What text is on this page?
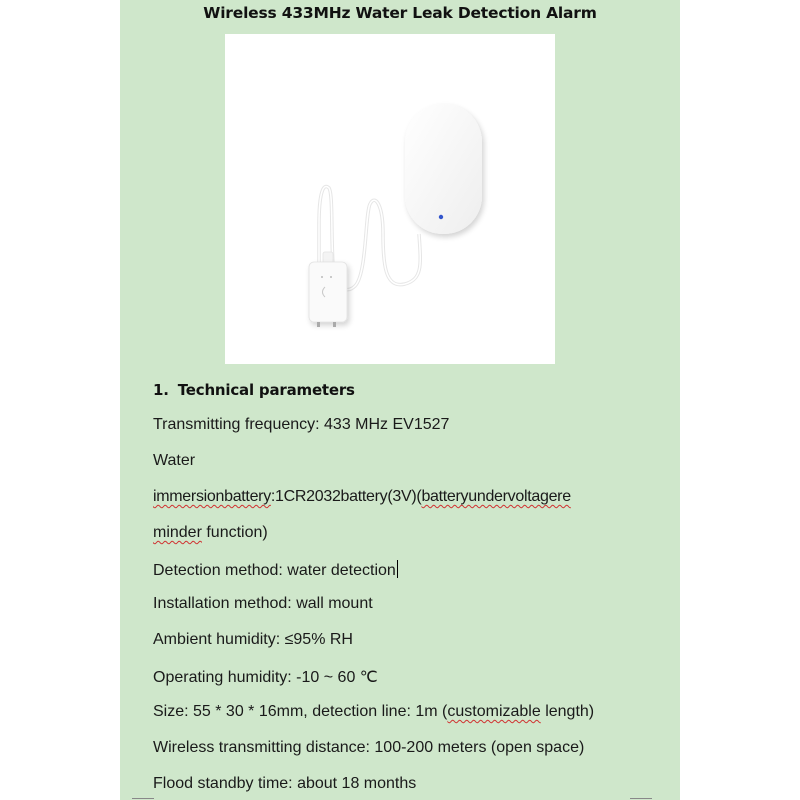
Wireless 433MHz Water Leak Detection Alarm
1. Technical parameters
Transmitting frequency: 433 MHz EV1527
Water
immersionbattery:1CR2032battery(3V)(batteryundervoltagere
minder function)
Detection method: water detection
Installation method: wall mount
Ambient humidity: ≤95% RH
Operating humidity: -10 ~ 60 ℃
Size: 55 * 30 * 16mm, detection line: 1m (customizable length)
Wireless transmitting distance: 100-200 meters (open space)
Flood standby time: about 18 months
